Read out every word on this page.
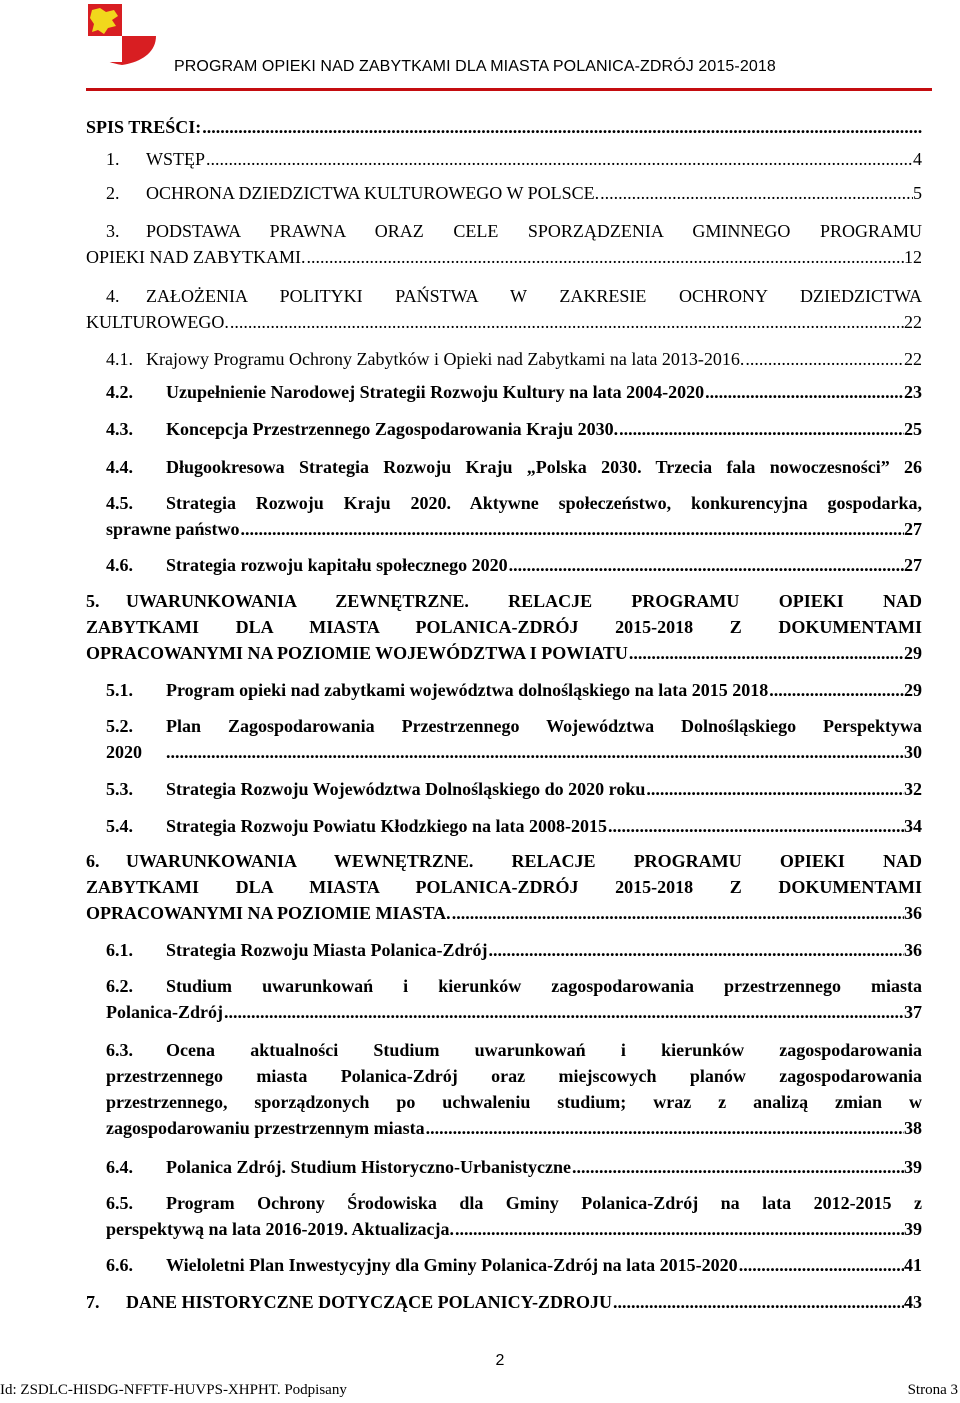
PROGRAM OPIEKI NAD ZABYTKAMI DLA MIASTA POLANICA-ZDRÓJ 2015-2018
SPIS TREŚCI:
.....
1.	WSTĘP .....	4
2.	OCHRONA DZIEDZICTWA KULTUROWEGO W POLSCE. .....	5
3. PODSTAWA PRAWNA ORAZ CELE SPORZĄDZENIA GMINNEGO PROGRAMU
OPIEKI NAD ZABYTKAMI. .....	12
4. ZAŁOŻENIA POLITYKI PAŃSTWA W ZAKRESIE OCHRONY DZIEDZICTWA
KULTUROWEGO. .....	22
4.1. Krajowy Programu Ochrony Zabytków i Opieki nad Zabytkami na lata 2013-2016. .....	22
4.2.	Uzupełnienie Narodowej Strategii Rozwoju Kultury na lata 2004-2020 .....	23
4.3.	Koncepcja Przestrzennego Zagospodarowania Kraju 2030. .....	25
4.4. Długookresowa Strategia Rozwoju Kraju „Polska 2030. Trzecia fala nowoczesności” 26
4.5. Strategia Rozwoju Kraju 2020. Aktywne społeczeństwo, konkurencyjna gospodarka,
sprawne państwo .....	27
4.6.	Strategia rozwoju kapitału społecznego 2020 .....	27
5. UWARUNKOWANIA ZEWNĘTRZNE. RELACJE PROGRAMU OPIEKI NAD
ZABYTKAMI DLA MIASTA POLANICA-ZDRÓJ 2015-2018 Z DOKUMENTAMI
OPRACOWANYMI NA POZIOMIE WOJEWÓDZTWA I POWIATU .....	29
5.1.	Program opieki nad zabytkami województwa dolnośląskiego na lata 2015 2018 .....	29
5.2. Plan Zagospodarowania Przestrzennego Województwa Dolnośląskiego Perspektywa
2020 .....	30
5.3.	Strategia Rozwoju Województwa Dolnośląskiego do 2020 roku .....	32
5.4.	Strategia Rozwoju Powiatu Kłodzkiego na lata 2008-2015 .....	34
6. UWARUNKOWANIA WEWNĘTRZNE. RELACJE PROGRAMU OPIEKI NAD
ZABYTKAMI DLA MIASTA POLANICA-ZDRÓJ 2015-2018 Z DOKUMENTAMI
OPRACOWANYMI NA POZIOMIE MIASTA. .....	36
6.1.	Strategia Rozwoju Miasta Polanica-Zdrój .....	36
6.2. Studium uwarunkowań i kierunków zagospodarowania przestrzennego miasta
Polanica-Zdrój .....	37
6.3. Ocena aktualności Studium uwarunkowań i kierunków zagospodarowania
przestrzennego miasta Polanica-Zdrój oraz miejscowych planów zagospodarowania
przestrzennego, sporządzonych po uchwaleniu studium; wraz z analizą zmian w
zagospodarowaniu przestrzennym miasta .....	38
6.4.	Polanica Zdrój. Studium Historyczno-Urbanistyczne .....	39
6.5. Program Ochrony Środowiska dla Gminy Polanica-Zdrój na lata 2012-2015 z
perspektywą na lata 2016-2019. Aktualizacja. .....	39
6.6.	Wieloletni Plan Inwestycyjny dla Gminy Polanica-Zdrój na lata 2015-2020 .....	41
7.	DANE HISTORYCZNE DOTYCZĄCE POLANICY-ZDROJU .....	43
2
Id: ZSDLC-HISDG-NFFTF-HUVPS-XHPHT. Podpisany	Strona 3
